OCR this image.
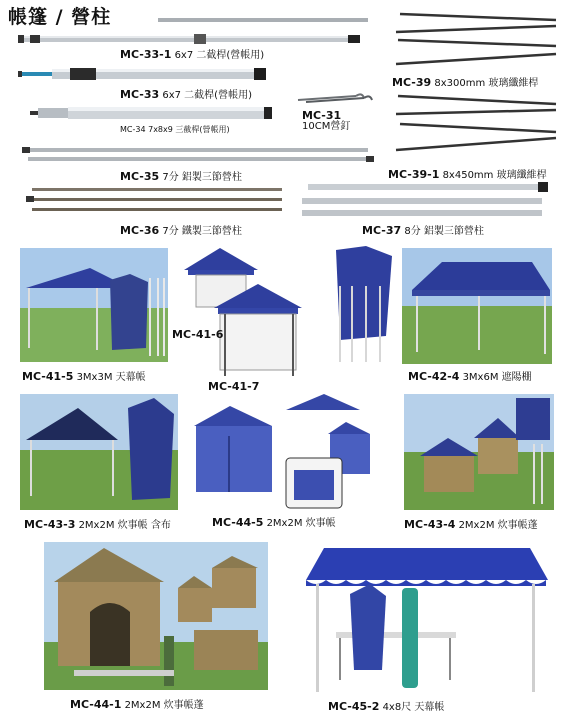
帳篷 / 營柱
MC-33-1 6x7 二截桿(營帳用)
MC-33 6x7 二截桿(營帳用)
MC-34 7x8x9 三截桿(營帳用)
MC-31
10CM營釘
MC-35 7分 鋁製三節營柱
MC-36 7分 鐵製三節營柱	MC-37 8分 鋁製三節營柱
MC-39 8x300mm 玻璃纖維桿
MC-39-1 8x450mm 玻璃纖維桿
MC-41-5 3Mx3M 天幕帳
MC-41-6
MC-41-7
MC-42-4 3Mx6M 遮陽棚
MC-43-3 2Mx2M 炊事帳 含布	MC-44-5 2Mx2M 炊事帳	MC-43-4 2Mx2M 炊事帳蓬
MC-44-1 2Mx2M 炊事帳蓬	MC-45-2 4x8尺 天幕帳
